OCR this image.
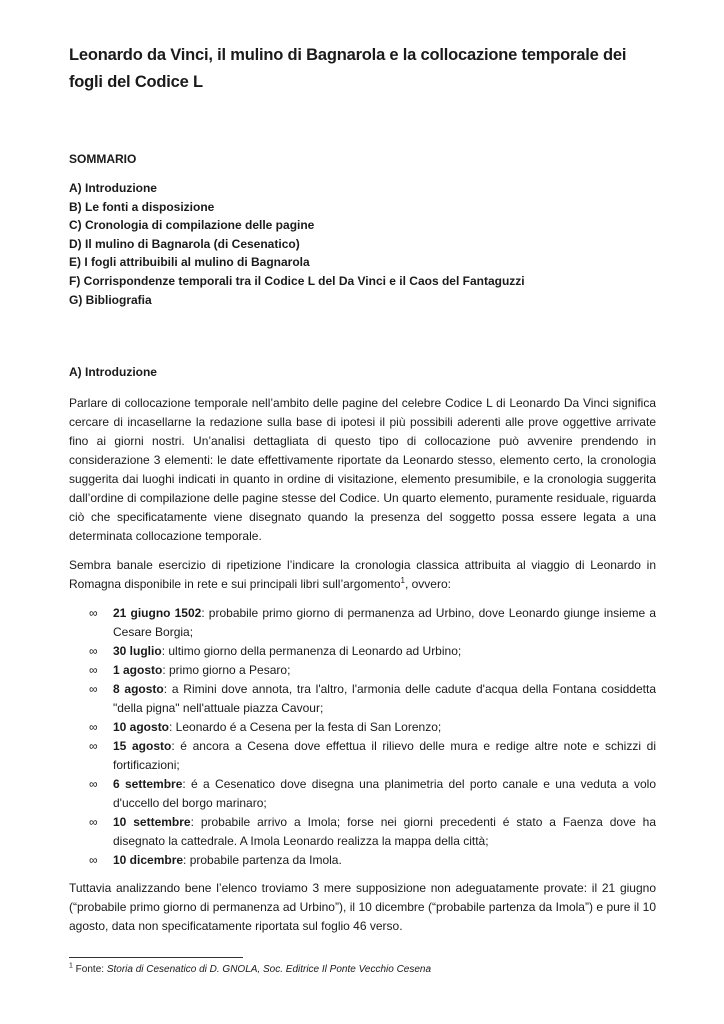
Leonardo da Vinci, il mulino di Bagnarola e la collocazione temporale dei fogli del Codice L
SOMMARIO
A) Introduzione
B) Le fonti a disposizione
C) Cronologia di compilazione delle pagine
D) Il mulino di Bagnarola (di Cesenatico)
E) I fogli attribuibili al mulino di Bagnarola
F) Corrispondenze temporali tra il Codice L del Da Vinci e il Caos del Fantaguzzi
G) Bibliografia
A) Introduzione

Parlare di collocazione temporale nell’ambito delle pagine del celebre Codice L di Leonardo Da Vinci significa cercare di incasellarne la redazione sulla base di ipotesi il più possibili aderenti alle prove oggettive arrivate fino ai giorni nostri. Un’analisi dettagliata di questo tipo di collocazione può avvenire prendendo in considerazione 3 elementi: le date effettivamente riportate da Leonardo stesso, elemento certo, la cronologia suggerita dai luoghi indicati in quanto in ordine di visitazione, elemento presumibile, e la cronologia suggerita dall’ordine di compilazione delle pagine stesse del Codice. Un quarto elemento, puramente residuale, riguarda ciò che specificatamente viene disegnato quando la presenza del soggetto possa essere legata a una determinata collocazione temporale.

Sembra banale esercizio di ripetizione l’indicare la cronologia classica attribuita al viaggio di Leonardo in Romagna disponibile in rete e sui principali libri sull’argomento$^1$, ovvero:

∞ 21 giugno 1502: probabile primo giorno di permanenza ad Urbino, dove Leonardo giunge insieme a Cesare Borgia;
∞ 30 luglio: ultimo giorno della permanenza di Leonardo ad Urbino;
∞ 1 agosto: primo giorno a Pesaro;
∞ 8 agosto: a Rimini dove annota, tra l'altro, l'armonia delle cadute d'acqua della Fontana cosiddetta "della pigna" nell'attuale piazza Cavour;
∞ 10 agosto: Leonardo é a Cesena per la festa di San Lorenzo;
∞ 15 agosto: é ancora a Cesena dove effettua il rilievo delle mura e redige altre note e schizzi di fortificazioni;
∞ 6 settembre: é a Cesenatico dove disegna una planimetria del porto canale e una veduta a volo d'uccello del borgo marinaro;
∞ 10 settembre: probabile arrivo a Imola; forse nei giorni precedenti é stato a Faenza dove ha disegnato la cattedrale. A Imola Leonardo realizza la mappa della città;
∞ 10 dicembre: probabile partenza da Imola.

Tuttavia analizzando bene l’elenco troviamo 3 mere supposizione non adeguatamente provate: il 21 giugno (“probabile primo giorno di permanenza ad Urbino”), il 10 dicembre (“probabile partenza da Imola”) e pure il 10 agosto, data non specificatamente riportata sul foglio 46 verso.

$^1$ Fonte: Storia di Cesenatico di D. GNOLA, Soc. Editrice Il Ponte Vecchio Cesena
